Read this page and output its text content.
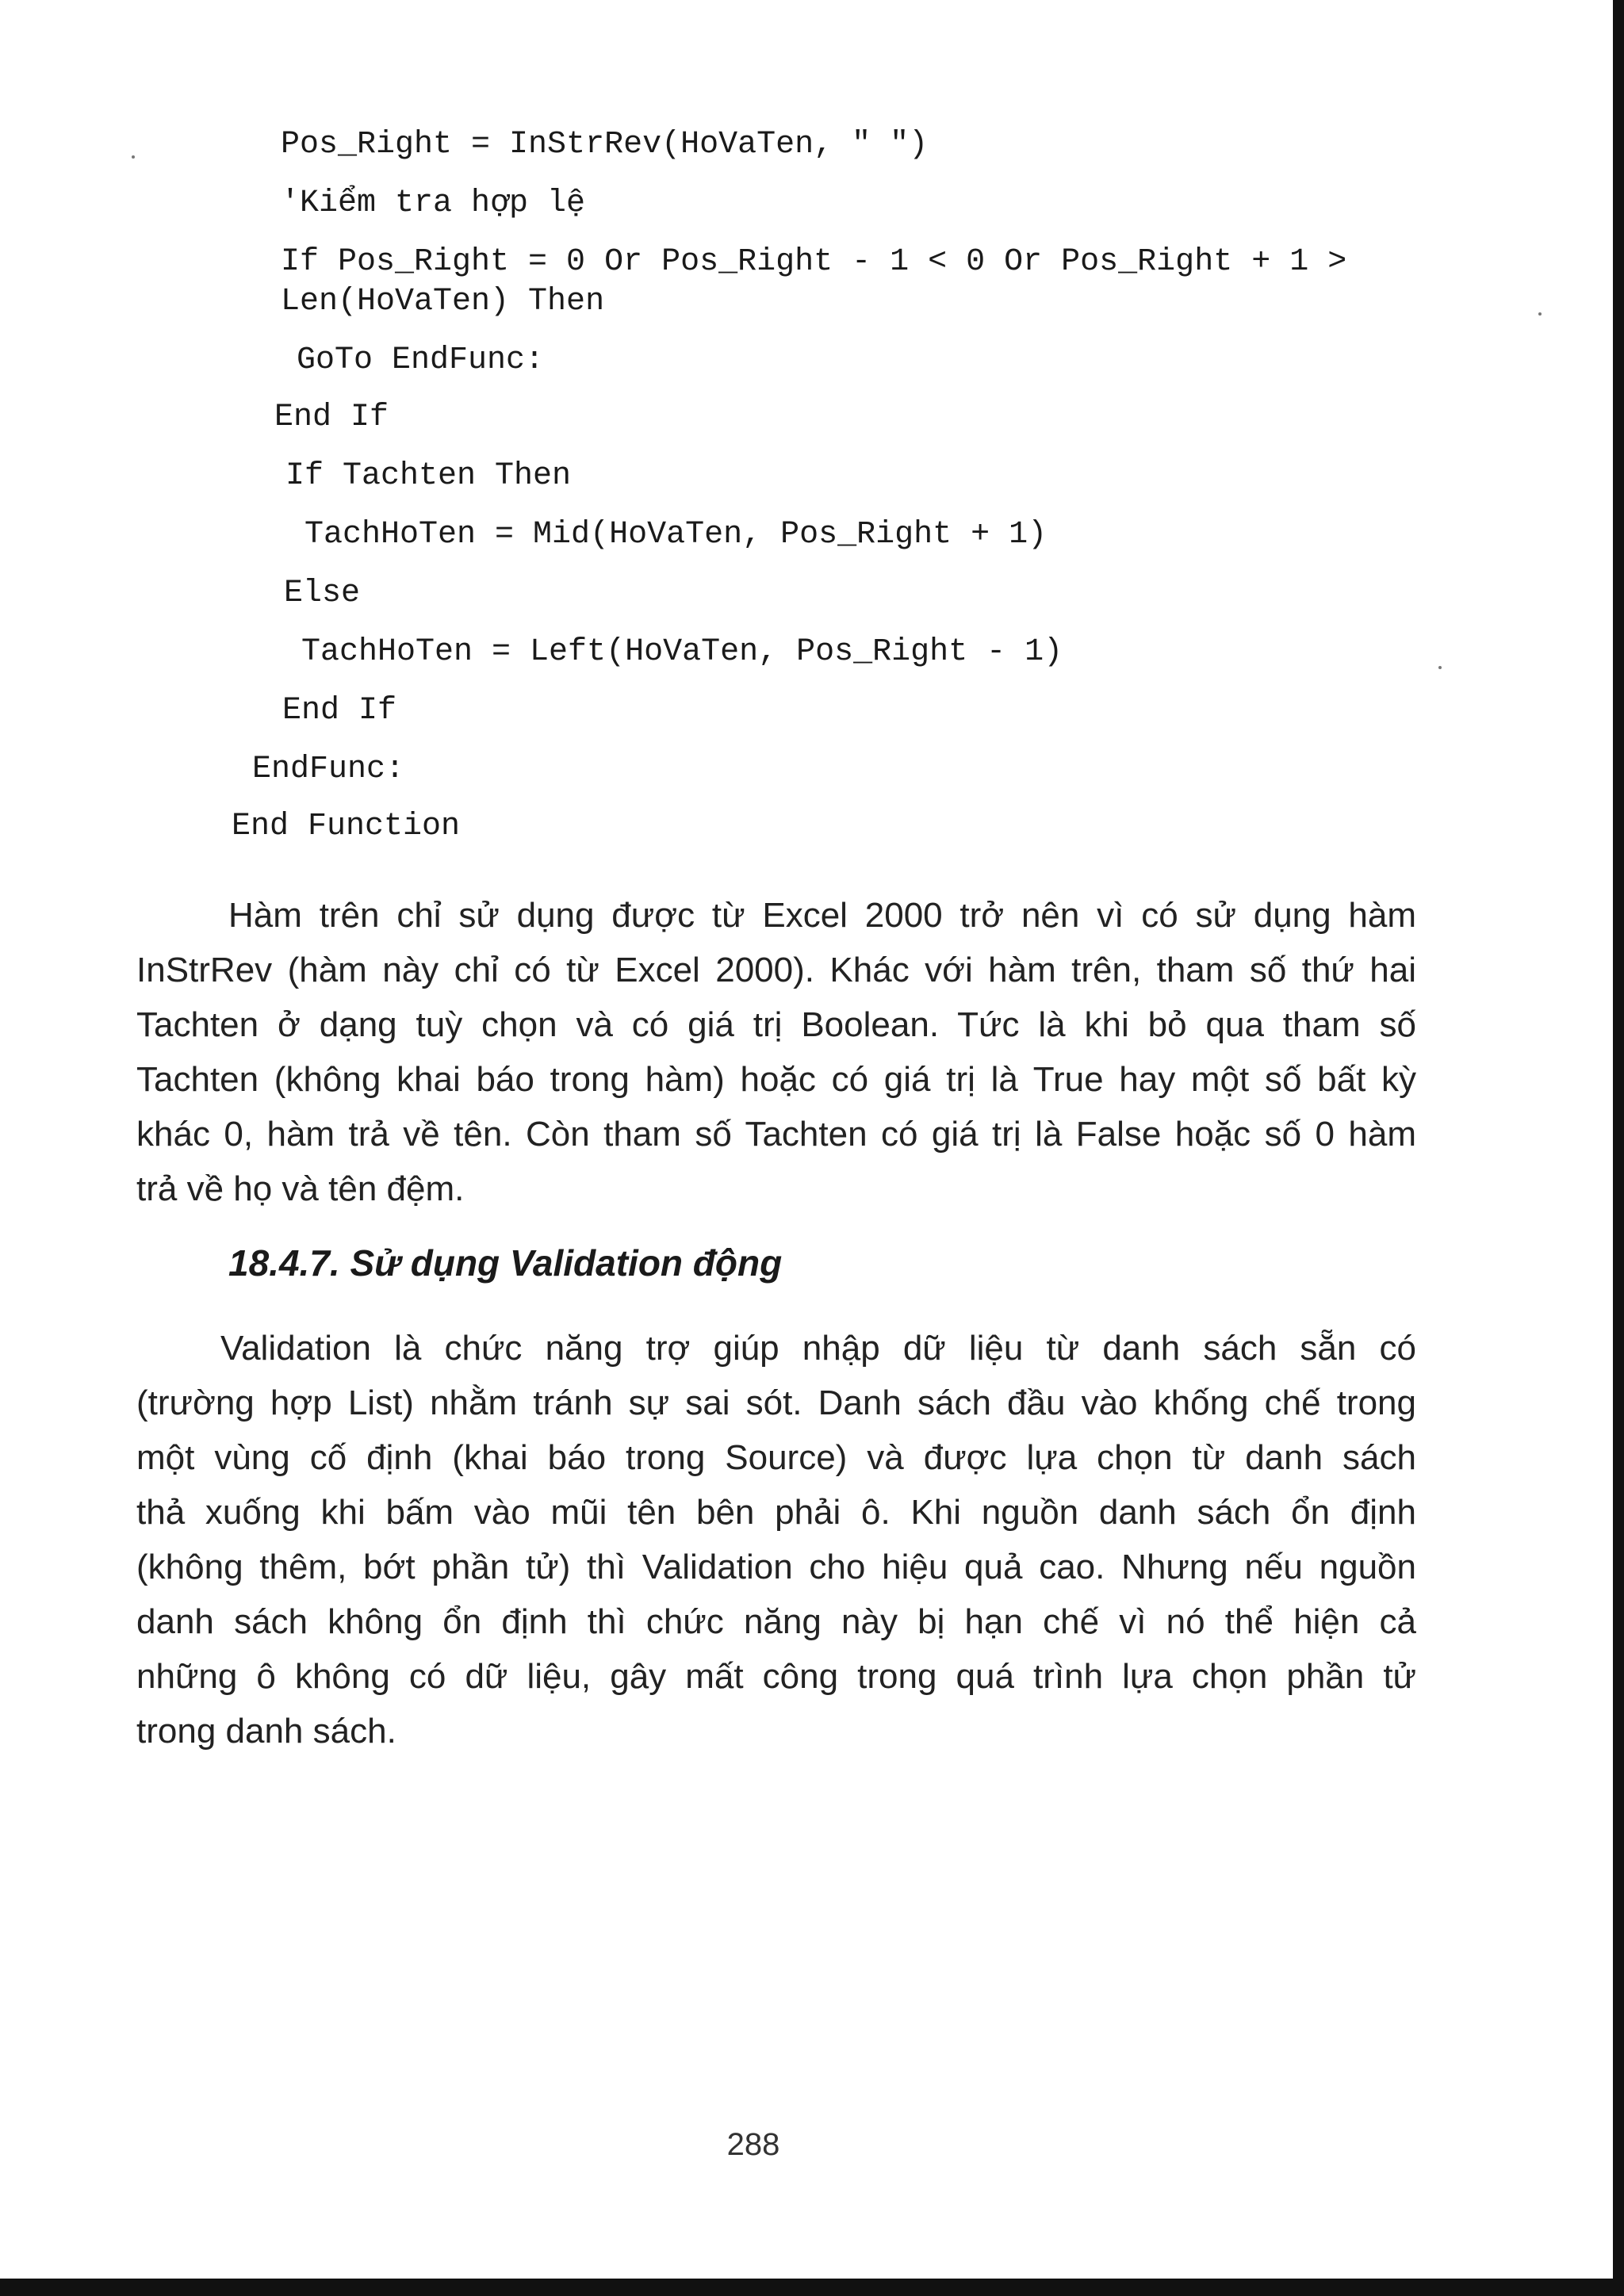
Pos_Right = InStrRev(HoVaTen, " ")
'Kiểm tra hợp lệ
If Pos_Right = 0 Or Pos_Right - 1 < 0 Or Pos_Right + 1 >
Len(HoVaTen) Then
GoTo EndFunc:
End If
If Tachten Then
TachHoTen = Mid(HoVaTen, Pos_Right + 1)
Else
TachHoTen = Left(HoVaTen, Pos_Right - 1)
End If
EndFunc:
End Function
Hàm trên chỉ sử dụng được từ Excel 2000 trở nên vì có sử dụng hàm
InStrRev (hàm này chỉ có từ Excel 2000). Khác với hàm trên, tham số thứ hai
Tachten ở dạng tuỳ chọn và có giá trị Boolean. Tức là khi bỏ qua tham số
Tachten (không khai báo trong hàm) hoặc có giá trị là True hay một số bất kỳ
khác 0, hàm trả về tên. Còn tham số Tachten có giá trị là False hoặc số 0 hàm
trả về họ và tên đệm.
18.4.7. Sử dụng Validation động
Validation là chức năng trợ giúp nhập dữ liệu từ danh sách sẵn có
(trường hợp List) nhằm tránh sự sai sót. Danh sách đầu vào khống chế trong
một vùng cố định (khai báo trong Source) và được lựa chọn từ danh sách
thả xuống khi bấm vào mũi tên bên phải ô. Khi nguồn danh sách ổn định
(không thêm, bớt phần tử) thì Validation cho hiệu quả cao. Nhưng nếu nguồn
danh sách không ổn định thì chức năng này bị hạn chế vì nó thể hiện cả
những ô không có dữ liệu, gây mất công trong quá trình lựa chọn phần tử
trong danh sách.
288
